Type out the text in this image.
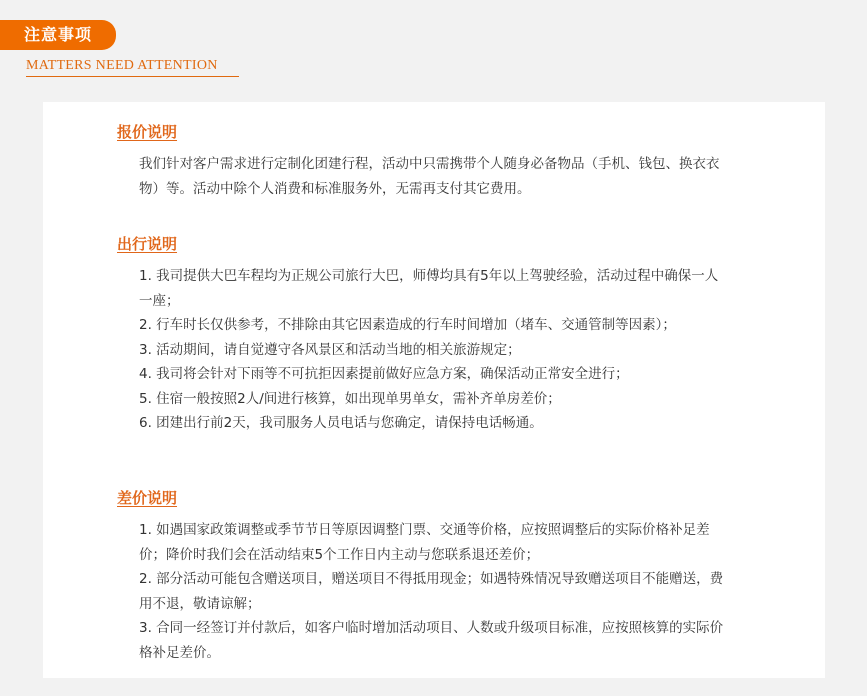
注意事项
MATTERS NEED ATTENTION
报价说明

我们针对客户需求进行定制化团建行程，活动中只需携带个人随身必备物品（手机、钱包、换衣衣物）等。活动中除个人消费和标准服务外，无需再支付其它费用。

出行说明

1. 我司提供大巴车程均为正规公司旅行大巴，师傅均具有5年以上驾驶经验，活动过程中确保一人一座；

2. 行车时长仅供参考，不排除由其它因素造成的行车时间增加（堵车、交通管制等因素）；

3. 活动期间，请自觉遵守各风景区和活动当地的相关旅游规定；

4. 我司将会针对下雨等不可抗拒因素提前做好应急方案，确保活动正常安全进行；

5. 住宿一般按照2人/间进行核算，如出现单男单女，需补齐单房差价；

6. 团建出行前2天，我司服务人员电话与您确定，请保持电话畅通。

差价说明

1. 如遇国家政策调整或季节节日等原因调整门票、交通等价格，应按照调整后的实际价格补足差价；降价时我们会在活动结束5个工作日内主动与您联系退还差价；

2. 部分活动可能包含赠送项目，赠送项目不得抵用现金；如遇特殊情况导致赠送项目不能赠送，费用不退，敬请谅解；

3. 合同一经签订并付款后，如客户临时增加活动项目、人数或升级项目标准，应按照核算的实际价格补足差价。
